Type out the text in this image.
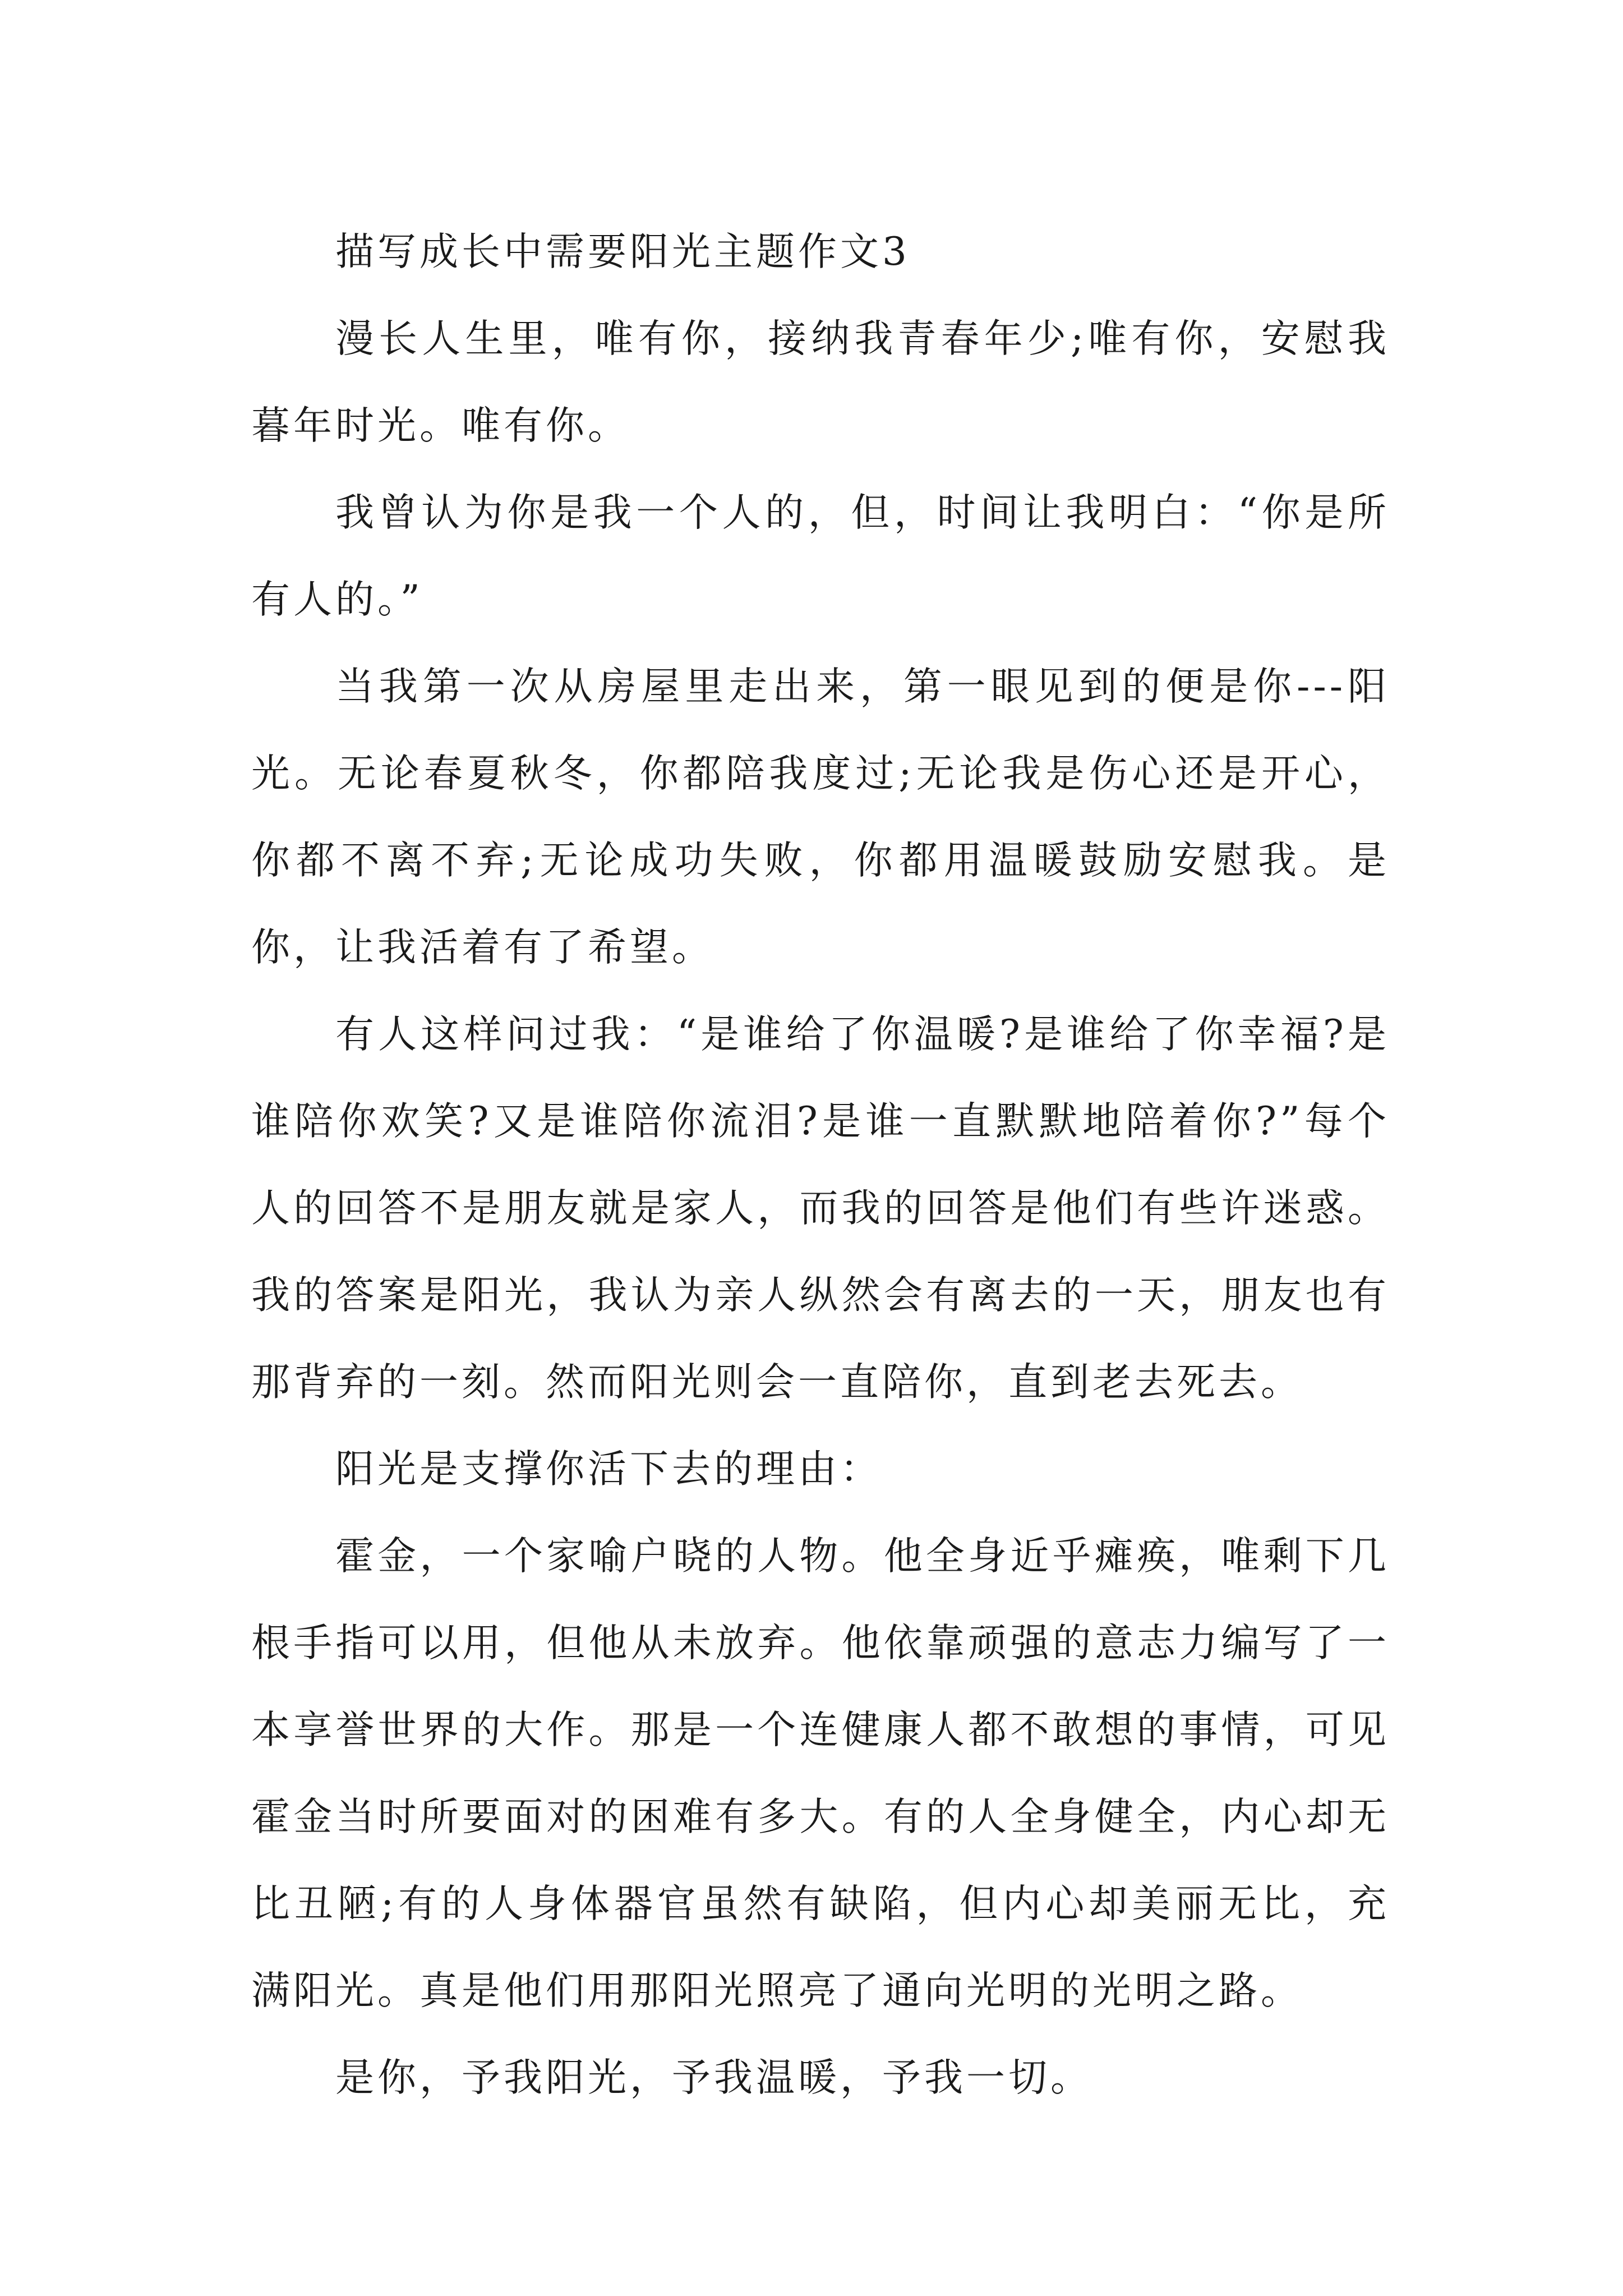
描写成长中需要阳光主题作文3

漫长人生里，唯有你，接纳我青春年少;唯有你，安慰我暮年时光。唯有你。

我曾认为你是我一个人的，但，时间让我明白：“你是所有人的。”

当我第一次从房屋里走出来，第一眼见到的便是你---阳光。无论春夏秋冬，你都陪我度过;无论我是伤心还是开心，你都不离不弃;无论成功失败，你都用温暖鼓励安慰我。是你，让我活着有了希望。

有人这样问过我：“是谁给了你温暖?是谁给了你幸福?是谁陪你欢笑?又是谁陪你流泪?是谁一直默默地陪着你?”每个人的回答不是朋友就是家人，而我的回答是他们有些许迷惑。我的答案是阳光，我认为亲人纵然会有离去的一天，朋友也有那背弃的一刻。然而阳光则会一直陪你，直到老去死去。

阳光是支撑你活下去的理由：

霍金，一个家喻户晓的人物。他全身近乎瘫痪，唯剩下几根手指可以用，但他从未放弃。他依靠顽强的意志力编写了一本享誉世界的大作。那是一个连健康人都不敢想的事情，可见霍金当时所要面对的困难有多大。有的人全身健全，内心却无比丑陋;有的人身体器官虽然有缺陷，但内心却美丽无比，充满阳光。真是他们用那阳光照亮了通向光明的光明之路。

是你，予我阳光，予我温暖，予我一切。
